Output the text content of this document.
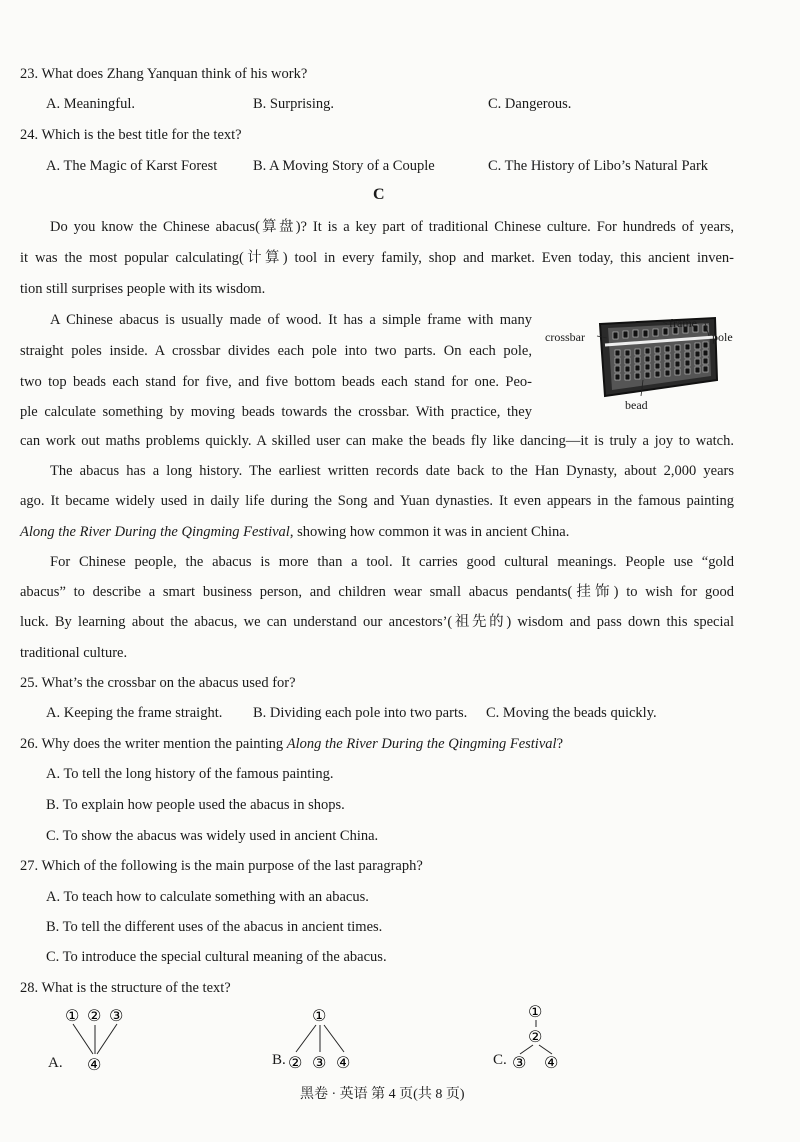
23. What does Zhang Yanquan think of his work?
A. Meaningful.	B. Surprising.	C. Dangerous.
24. Which is the best title for the text?
A. The Magic of Karst Forest B. A Moving Story of a Couple	C. The History of Libo’s Natural Park
C
Do you know the Chinese abacus(算盘)? It is a key part of traditional Chinese culture. For hundreds of years,
it was the most popular calculating(计算) tool in every family, shop and market. Even today, this ancient inven-
tion still surprises people with its wisdom.
A Chinese abacus is usually made of wood. It has a simple frame with many
straight poles inside. A crossbar divides each pole into two parts. On each pole,
two top beads each stand for five, and five bottom beads each stand for one. Peo-
ple calculate something by moving beads towards the crossbar. With practice, they
can work out maths problems quickly. A skilled user can make the beads fly like dancing—it is truly a joy to watch.
crossbar
frame
pole
bead
The abacus has a long history. The earliest written records date back to the Han Dynasty, about 2,000 years
ago. It became widely used in daily life during the Song and Yuan dynasties. It even appears in the famous painting
Along the River During the Qingming Festival, showing how common it was in ancient China.
For Chinese people, the abacus is more than a tool. It carries good cultural meanings. People use “gold
abacus” to describe a smart business person, and children wear small abacus pendants(挂饰) to wish for good
luck. By learning about the abacus, we can understand our ancestors’(祖先的) wisdom and pass down this special
traditional culture.
25. What’s the crossbar on the abacus used for?
A. Keeping the frame straight. B. Dividing each pole into two parts. C. Moving the beads quickly.
26. Why does the writer mention the painting Along the River During the Qingming Festival?
A. To tell the long history of the famous painting.
B. To explain how people used the abacus in shops.
C. To show the abacus was widely used in ancient China.
27. Which of the following is the main purpose of the last paragraph?
A. To teach how to calculate something with an abacus.
B. To tell the different uses of the abacus in ancient times.
C. To introduce the special cultural meaning of the abacus.
28. What is the structure of the text?
A.
① ② ③
④	B.
①
② ③ ④	C.
①
②
③ ④
黑卷 · 英语 第 4 页(共 8 页)
